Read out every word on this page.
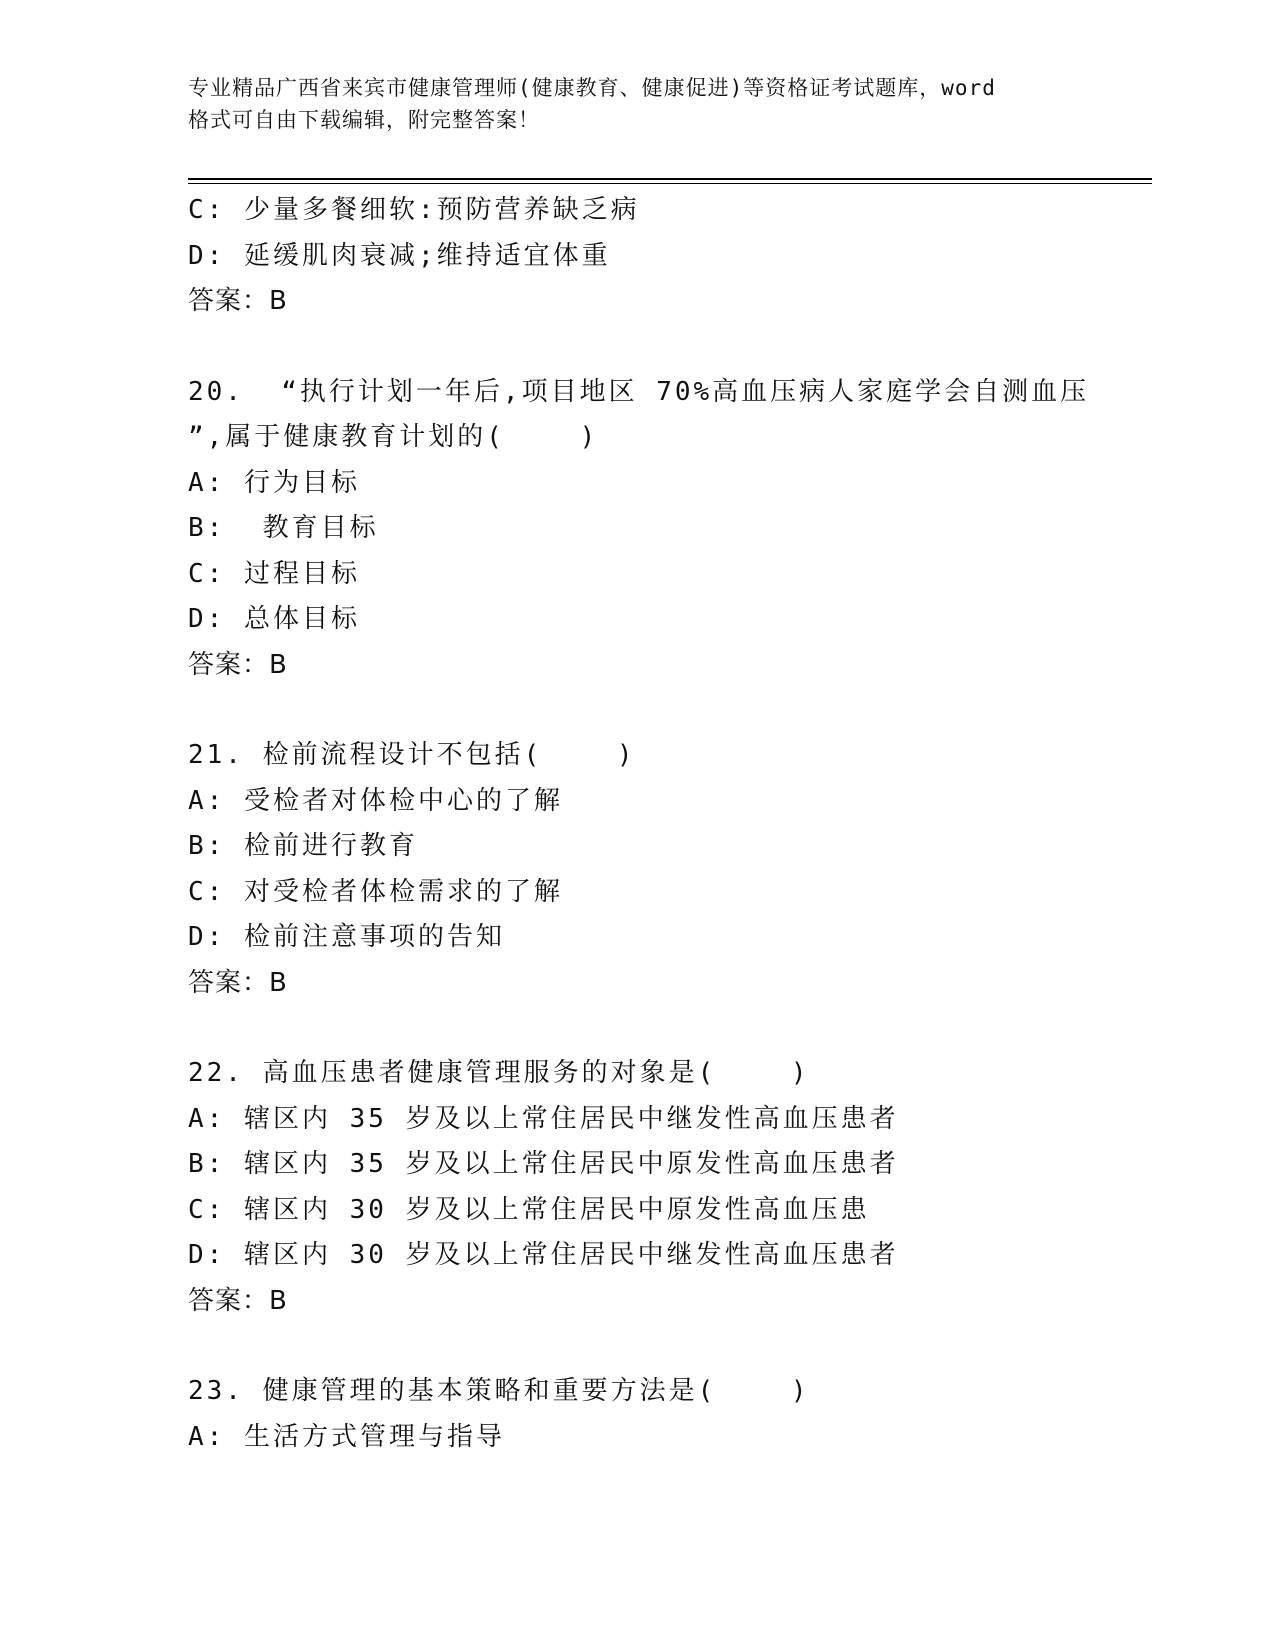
专业精品广西省来宾市健康管理师(健康教育、健康促进)等资格证考试题库，word
格式可自由下载编辑，附完整答案！
C: 少量多餐细软:预防营养缺乏病
D: 延缓肌肉衰减;维持适宜体重
答案：B
20.  “执行计划一年后,项目地区 70%高血压病人家庭学会自测血压
”,属于健康教育计划的(    )
A: 行为目标
B:  教育目标
C: 过程目标
D: 总体目标
答案：B
21. 检前流程设计不包括(    )
A: 受检者对体检中心的了解
B: 检前进行教育
C: 对受检者体检需求的了解
D: 检前注意事项的告知
答案：B
22. 高血压患者健康管理服务的对象是(    )
A: 辖区内 35 岁及以上常住居民中继发性高血压患者
B: 辖区内 35 岁及以上常住居民中原发性高血压患者
C: 辖区内 30 岁及以上常住居民中原发性高血压患
D: 辖区内 30 岁及以上常住居民中继发性高血压患者
答案：B
23. 健康管理的基本策略和重要方法是(    )
A: 生活方式管理与指导
